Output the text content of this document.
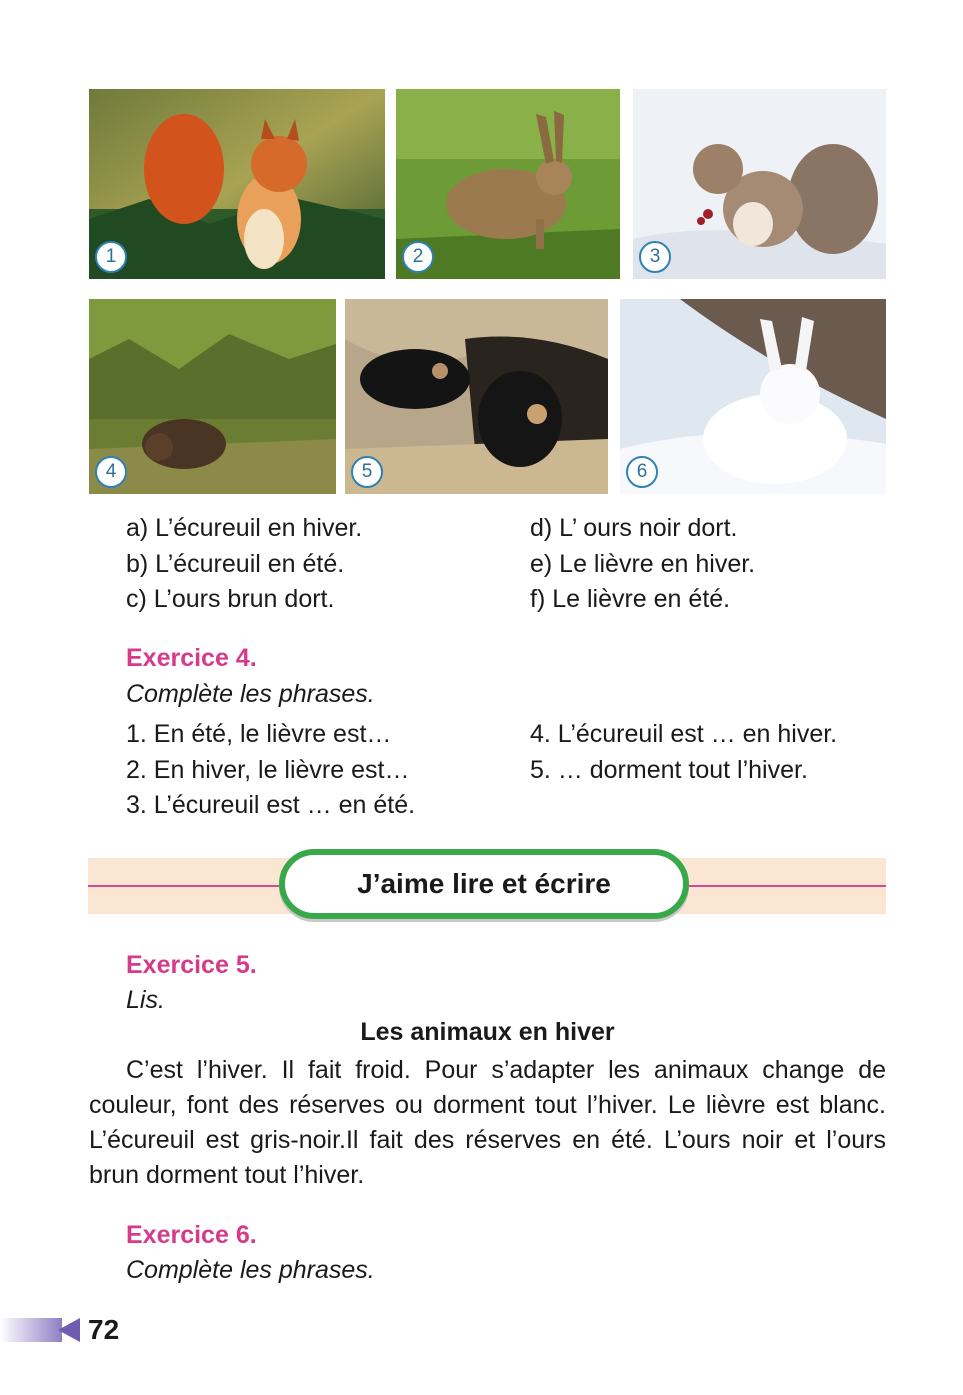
1	2	3
4	5	6
a) L’écureuil en hiver.
b) L’écureuil en été.
c) L’ours brun dort.
d) L’ ours noir dort.
e) Le lièvre en hiver.
f) Le lièvre en été.
Exercice 4.
Complète les phrases.
1. En été, le lièvre est…
2. En hiver, le lièvre est…
3. L’écureuil est … en été.
4. L’écureuil est … en hiver.
5. … dorment tout l’hiver.
J’aime lire et écrire
Exercice 5.
Lis.
Les animaux en hiver
C’est l’hiver. Il fait froid. Pour s’adapter les animaux change de couleur, font des réserves ou dorment tout l’hiver. Le lièvre est blanc. L’écureuil est gris-noir.Il fait des réserves en été. L’ours noir et l’ours brun dorment tout l’hiver.
Exercice 6.
Complète les phrases.
72
